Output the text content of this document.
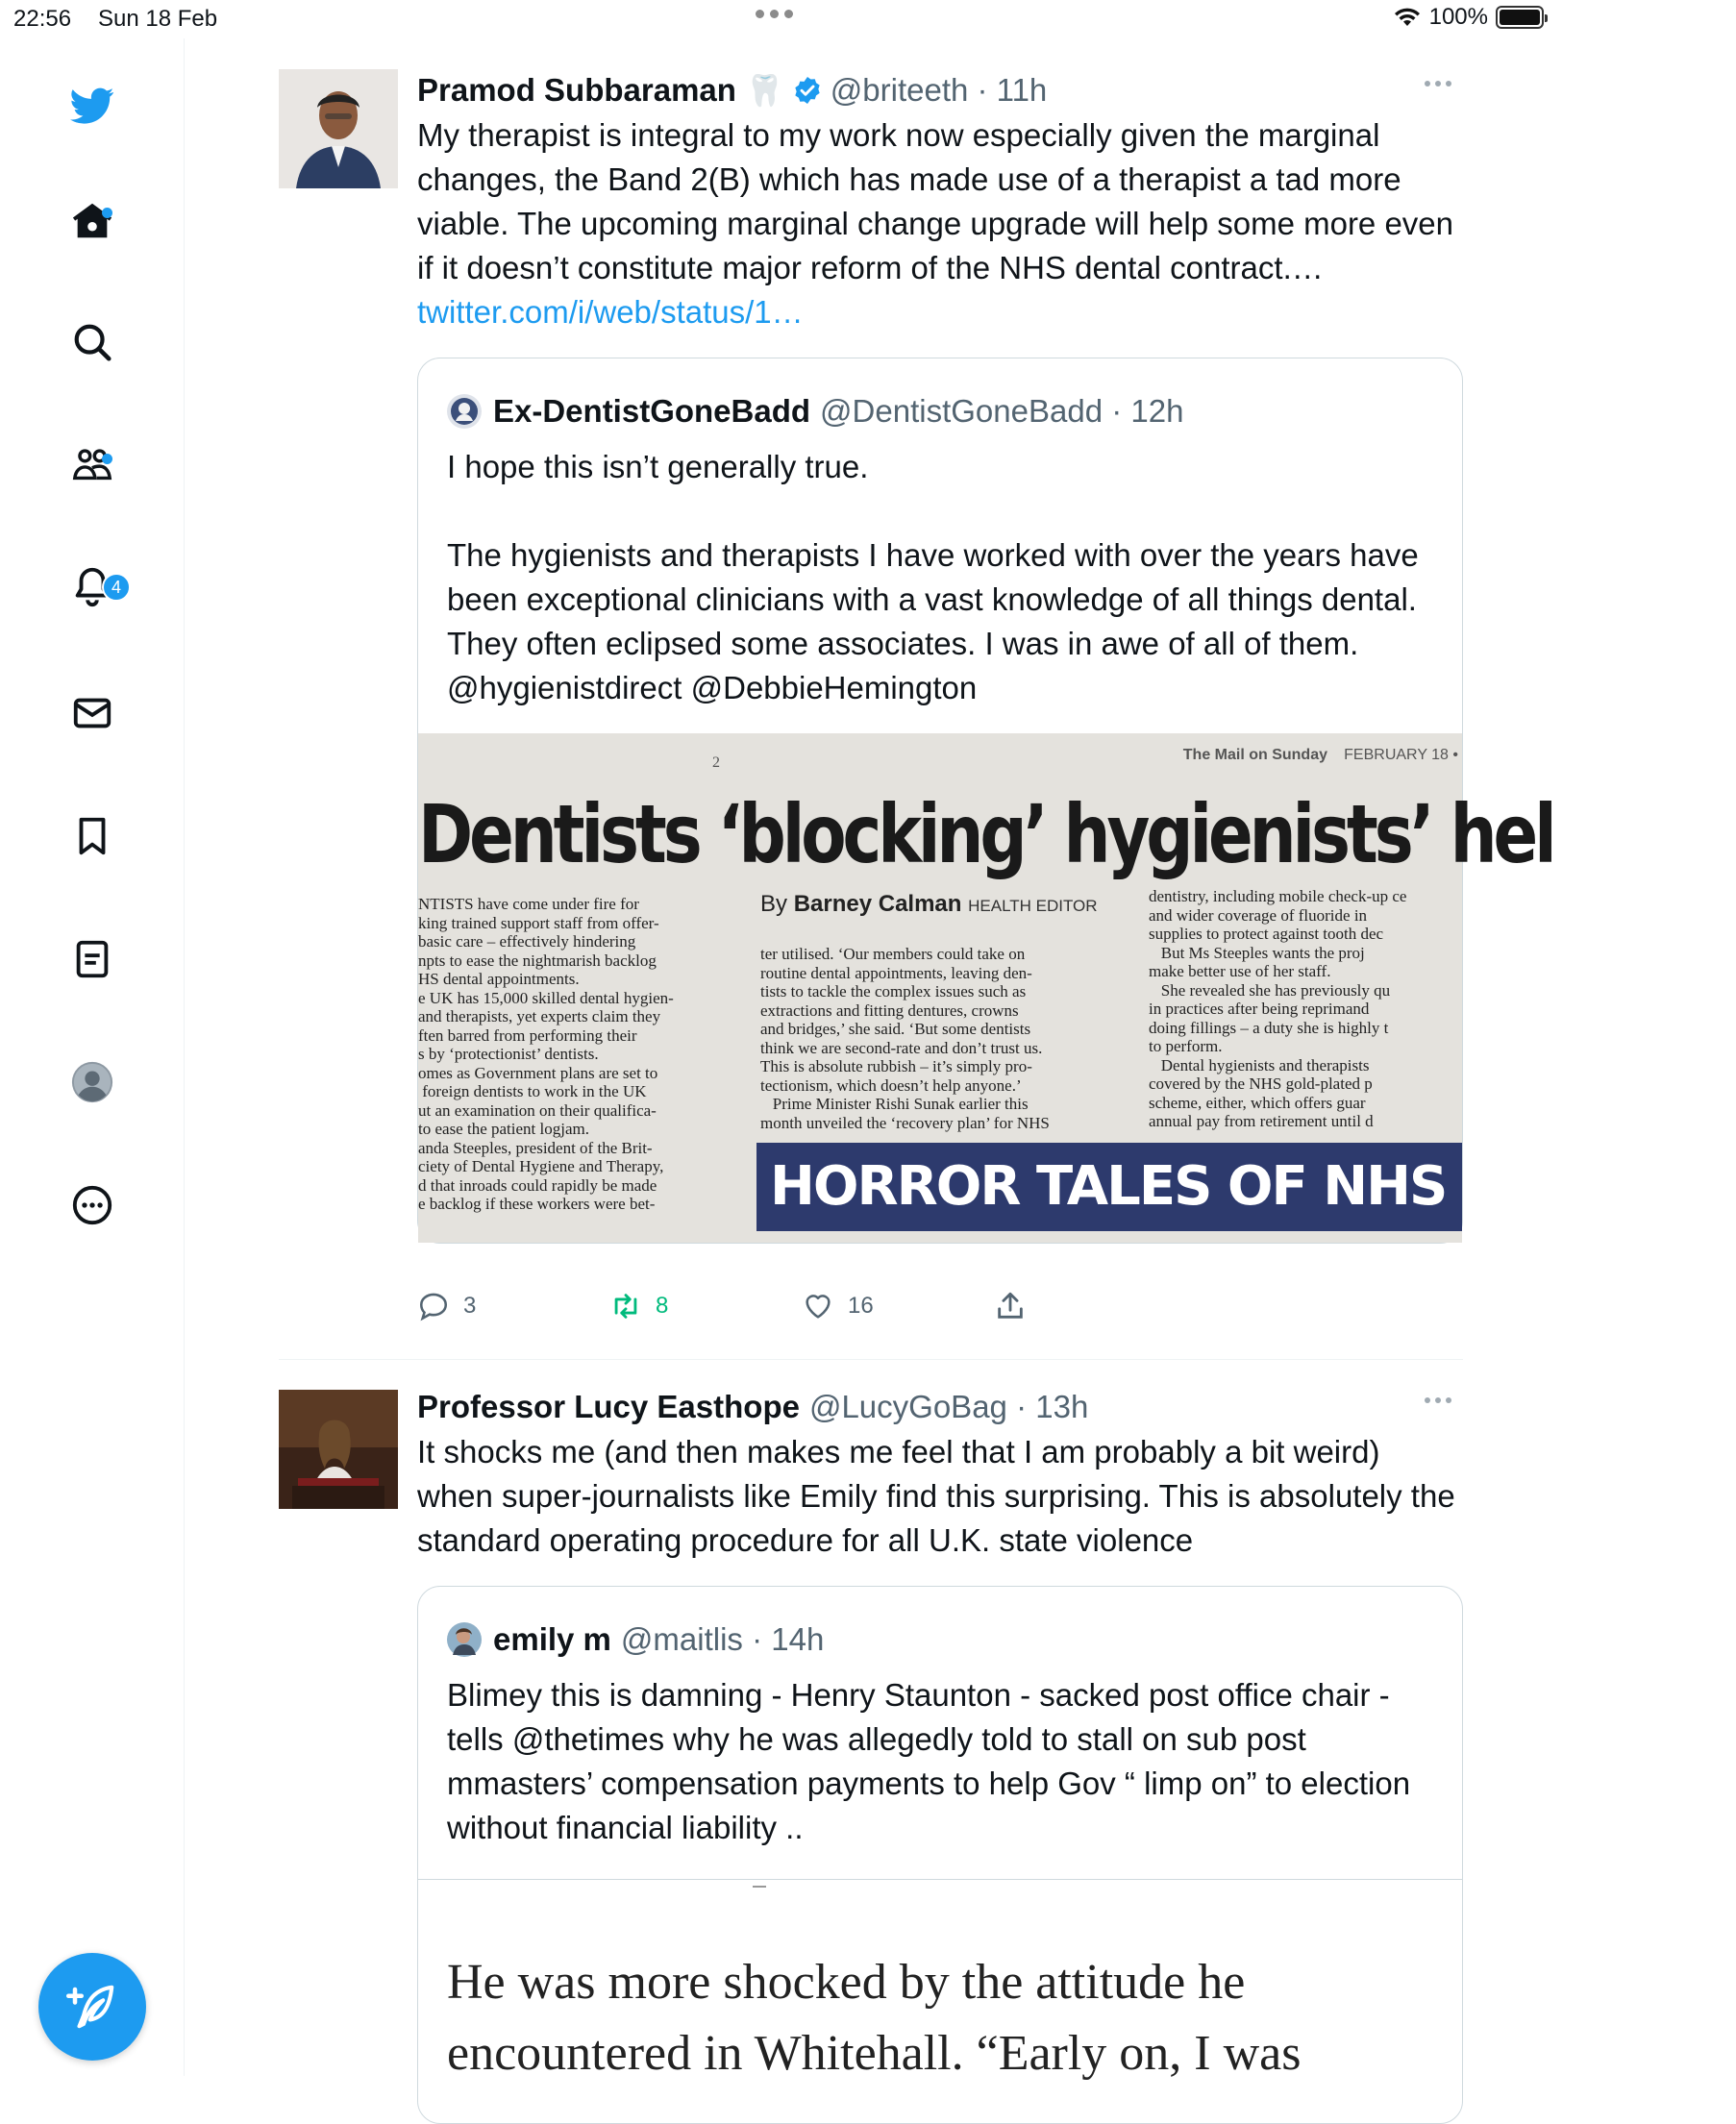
22:56 Sun 18 Feb	100%
4
Pramod Subbaraman 🦷 @briteeth · 11h
My therapist is integral to my work now especially given the marginal changes, the Band 2(B) which has made use of a therapist a tad more viable. The upcoming marginal change upgrade will help some more even if it doesn’t constitute major reform of the NHS dental contract.…
twitter.com/i/web/status/1…
Ex-DentistGoneBadd @DentistGoneBadd · 12h
I hope this isn’t generally true.
The hygienists and therapists I have worked with over the years have been exceptional clinicians with a vast knowledge of all things dental. They often eclipsed some associates. I was in awe of all of them.
@hygienistdirect @DebbieHemington
2	The Mail on Sunday FEBRUARY 18 •
Dentists ‘blocking’ hygienists’ hel
By Barney Calman HEALTH EDITOR
NTISTS have come under fire for
king trained support staff from offer-
basic care – effectively hindering
npts to ease the nightmarish backlog
HS dental appointments.
e UK has 15,000 skilled dental hygien-
and therapists, yet experts claim they
ften barred from performing their
s by ‘protectionist’ dentists.
omes as Government plans are set to
foreign dentists to work in the UK
ut an examination on their qualifica-
to ease the patient logjam.
anda Steeples, president of the Brit-
ciety of Dental Hygiene and Therapy,
d that inroads could rapidly be made
e backlog if these workers were bet-
ter utilised. ‘Our members could take on
routine dental appointments, leaving den-
tists to tackle the complex issues such as
extractions and fitting dentures, crowns
and bridges,’ she said. ‘But some dentists
think we are second-rate and don’t trust us.
This is absolute rubbish – it’s simply pro-
tectionism, which doesn’t help anyone.’
Prime Minister Rishi Sunak earlier this
month unveiled the ‘recovery plan’ for NHS
dentistry, including mobile check-up ce
and wider coverage of fluoride in
supplies to protect against tooth dec
But Ms Steeples wants the proj
make better use of her staff.
She revealed she has previously qu
in practices after being reprimand
doing fillings – a duty she is highly t
to perform.
Dental hygienists and therapists
covered by the NHS gold-plated p
scheme, either, which offers guar
annual pay from retirement until d
HORROR TALES OF NHS BACKLOG
3	8	16
Professor Lucy Easthope @LucyGoBag · 13h
It shocks me (and then makes me feel that I am probably a bit weird) when super-journalists like Emily find this surprising. This is absolutely the standard operating procedure for all U.K. state violence
emily m @maitlis · 14h
Blimey this is damning - Henry Staunton - sacked post office chair - tells @thetimes why he was allegedly told to stall on sub post mmasters’ compensation payments to help Gov “ limp on” to election without financial liability ..
He was more shocked by the attitude he
encountered in Whitehall. “Early on, I was
